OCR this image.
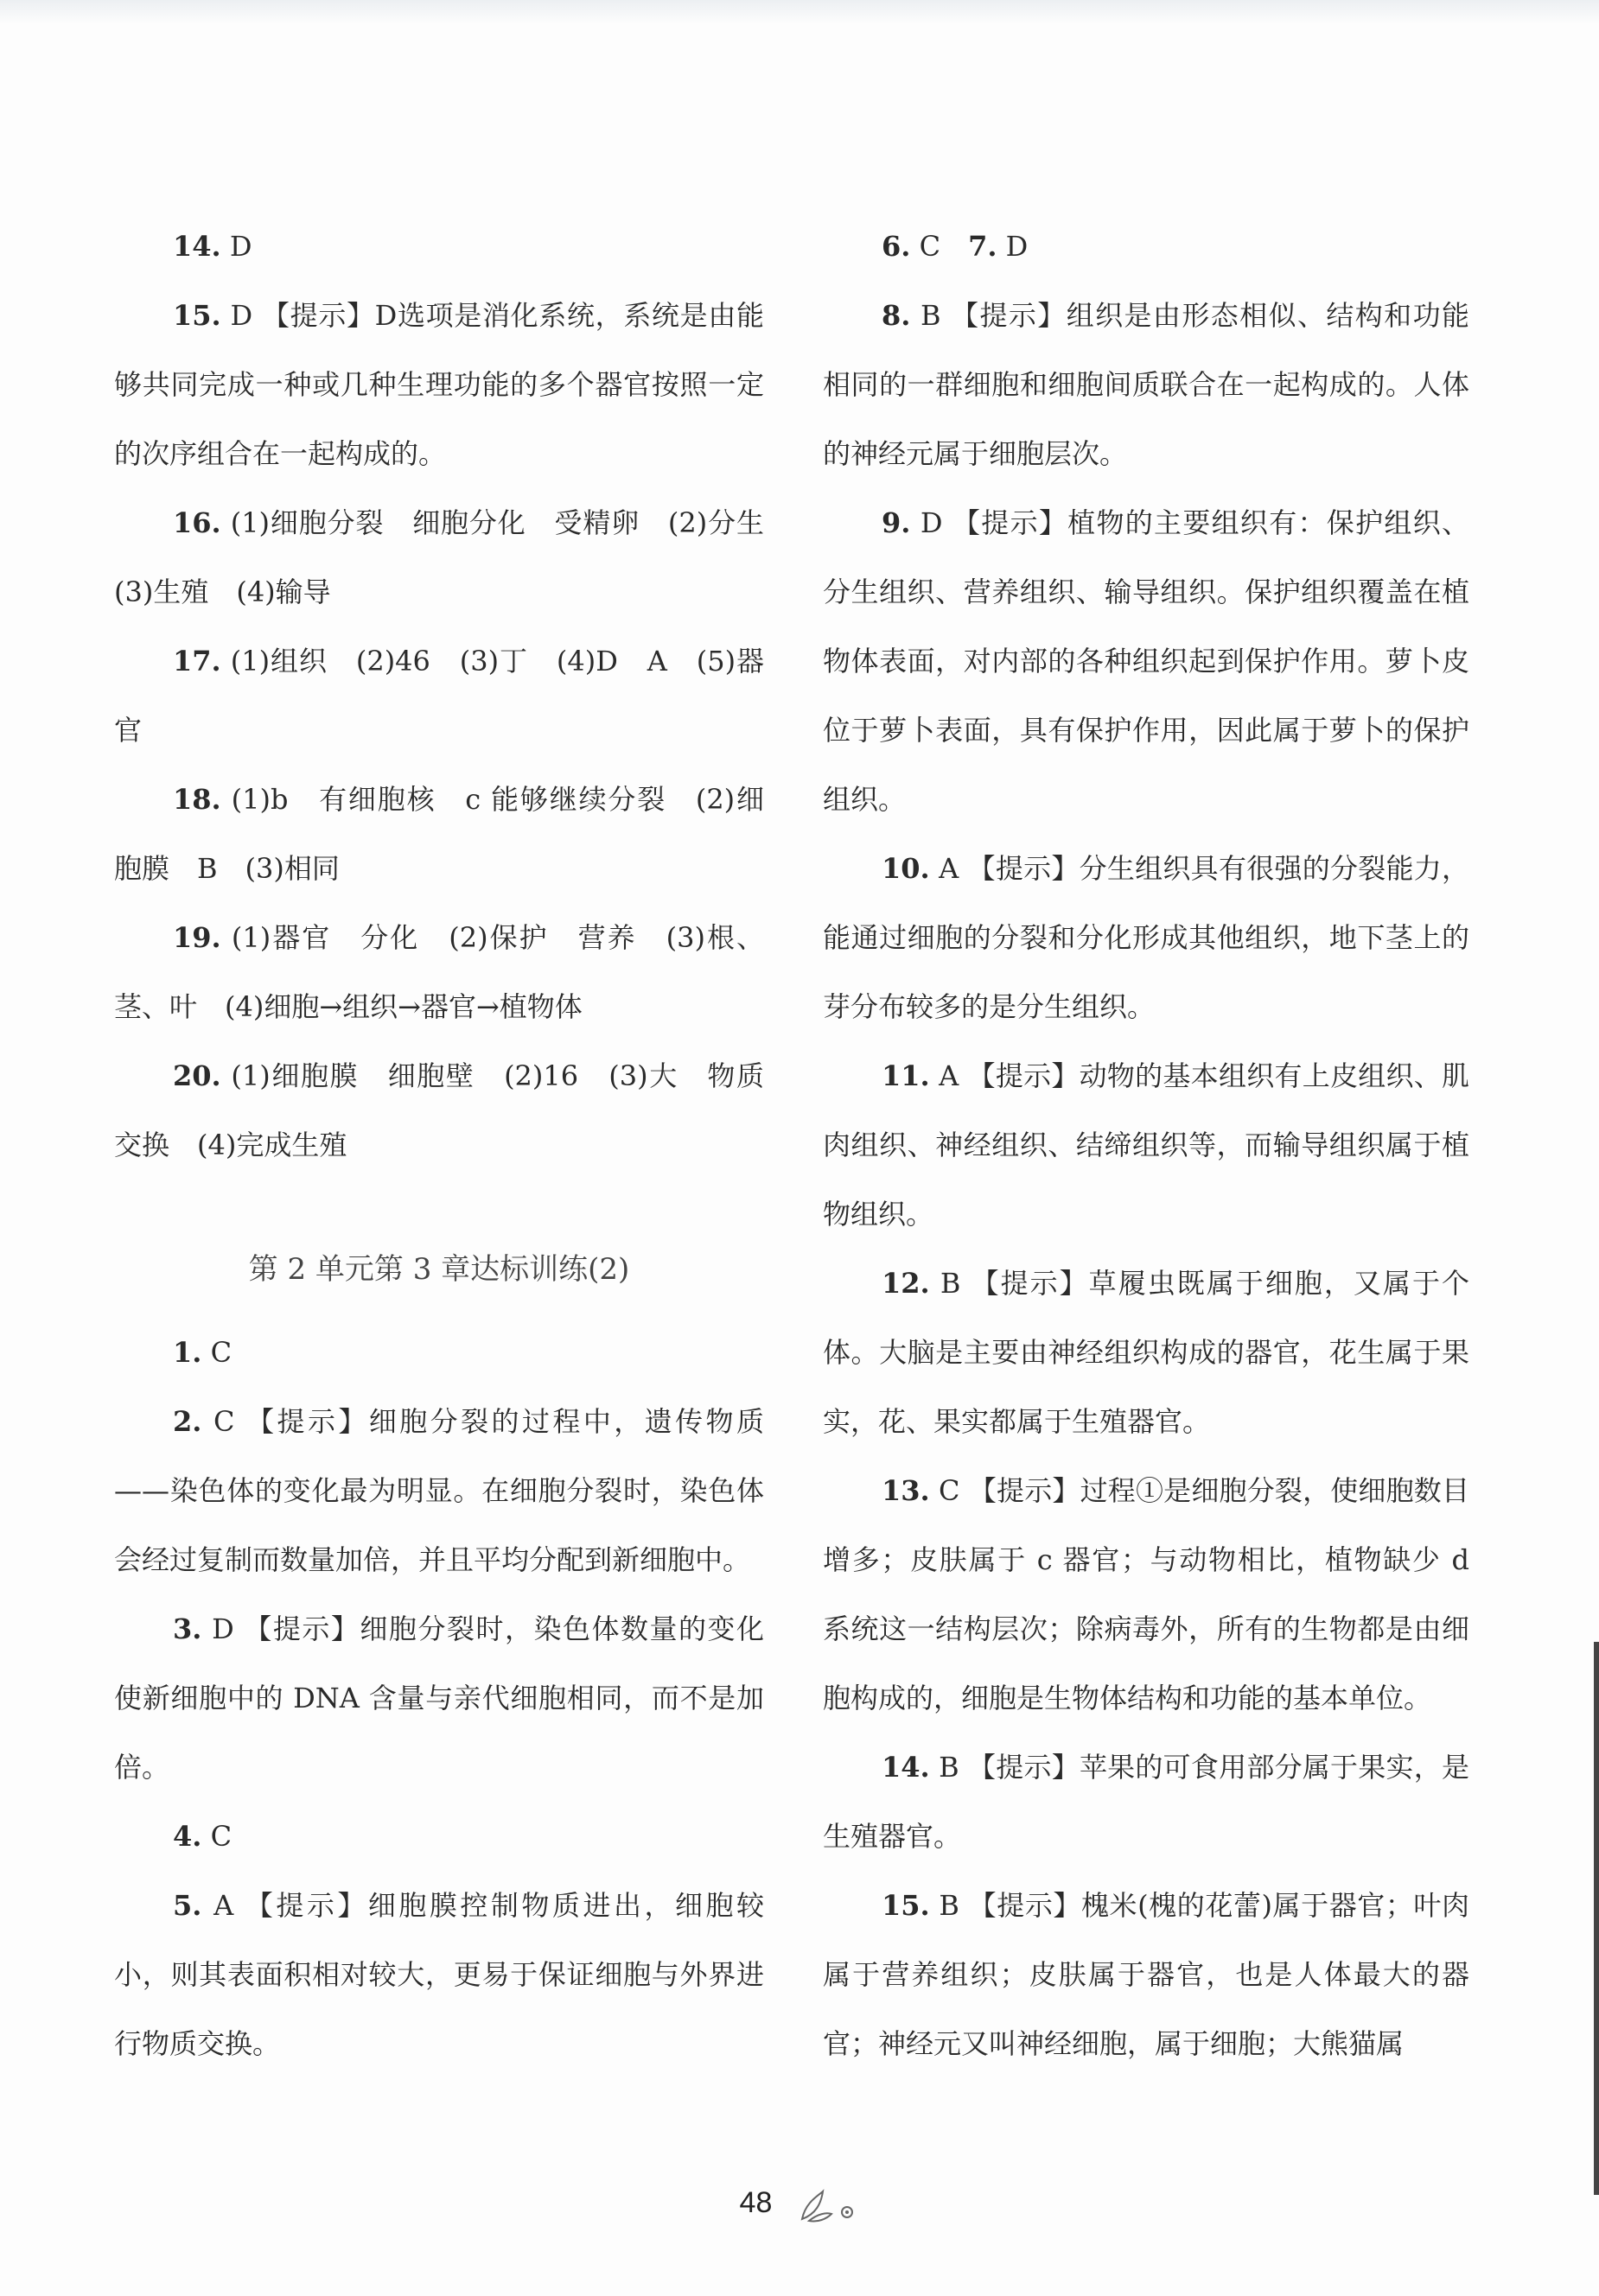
14. D

15. D 【提示】D选项是消化系统，系统是由能够共同完成一种或几种生理功能的多个器官按照一定的次序组合在一起构成的。

16. (1)细胞分裂　细胞分化　受精卵　(2)分生　(3)生殖　(4)输导

17. (1)组织　(2)46　(3)丁　(4)D　A　(5)器官

18. (1)b　有细胞核　c 能够继续分裂　(2)细胞膜　B　(3)相同

19. (1)器官　分化　(2)保护　营养　(3)根、茎、叶　(4)细胞→组织→器官→植物体

20. (1)细胞膜　细胞壁　(2)16　(3)大　物质交换　(4)完成生殖

第 2 单元第 3 章达标训练(2)

1. C

2. C 【提示】细胞分裂的过程中，遗传物质——染色体的变化最为明显。在细胞分裂时，染色体会经过复制而数量加倍，并且平均分配到新细胞中。

3. D 【提示】细胞分裂时，染色体数量的变化使新细胞中的 DNA 含量与亲代细胞相同，而不是加倍。

4. C

5. A 【提示】细胞膜控制物质进出，细胞较小，则其表面积相对较大，更易于保证细胞与外界进行物质交换。

6. C　7. D

8. B 【提示】组织是由形态相似、结构和功能相同的一群细胞和细胞间质联合在一起构成的。人体的神经元属于细胞层次。

9. D 【提示】植物的主要组织有：保护组织、分生组织、营养组织、输导组织。保护组织覆盖在植物体表面，对内部的各种组织起到保护作用。萝卜皮位于萝卜表面，具有保护作用，因此属于萝卜的保护组织。

10. A 【提示】分生组织具有很强的分裂能力，能通过细胞的分裂和分化形成其他组织，地下茎上的芽分布较多的是分生组织。

11. A 【提示】动物的基本组织有上皮组织、肌肉组织、神经组织、结缔组织等，而输导组织属于植物组织。

12. B 【提示】草履虫既属于细胞，又属于个体。大脑是主要由神经组织构成的器官，花生属于果实，花、果实都属于生殖器官。

13. C 【提示】过程①是细胞分裂，使细胞数目增多；皮肤属于 c 器官；与动物相比，植物缺少 d 系统这一结构层次；除病毒外，所有的生物都是由细胞构成的，细胞是生物体结构和功能的基本单位。

14. B 【提示】苹果的可食用部分属于果实，是生殖器官。

15. B 【提示】槐米(槐的花蕾)属于器官；叶肉属于营养组织；皮肤属于器官，也是人体最大的器官；神经元又叫神经细胞，属于细胞；大熊猫属

48
